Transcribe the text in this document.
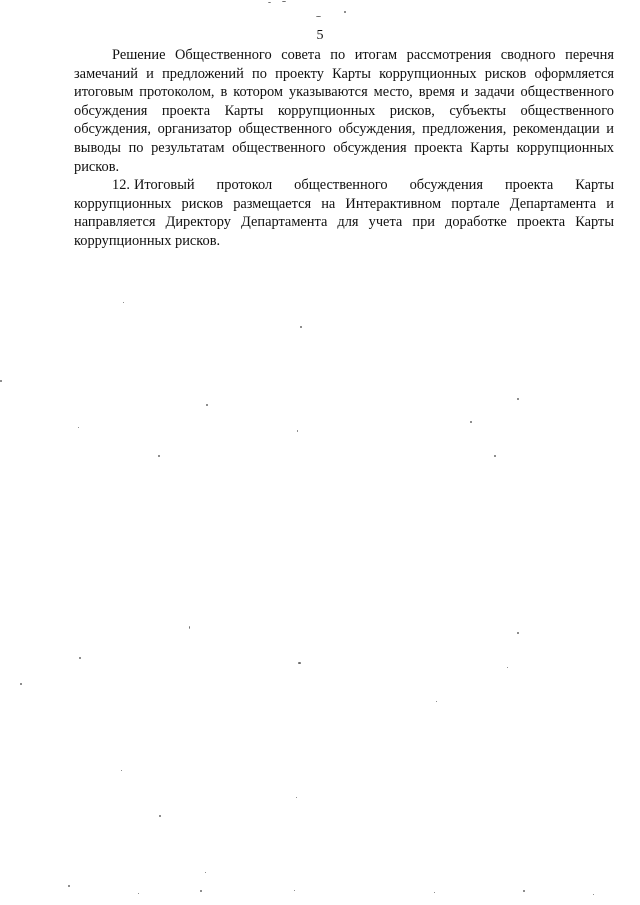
5

Решение Общественного совета по итогам рассмотрения сводного перечня замечаний и предложений по проекту Карты коррупционных рисков оформляется итоговым протоколом, в котором указываются место, время и задачи общественного обсуждения проекта Карты коррупционных рисков, субъекты общественного обсуждения, организатор общественного обсуждения, предложения, рекомендации и выводы по результатам общественного обсуждения проекта Карты коррупционных рисков.

12. Итоговый протокол общественного обсуждения проекта Карты коррупционных рисков размещается на Интерактивном портале Департамента и направляется Директору Департамента для учета при доработке проекта Карты коррупционных рисков.
